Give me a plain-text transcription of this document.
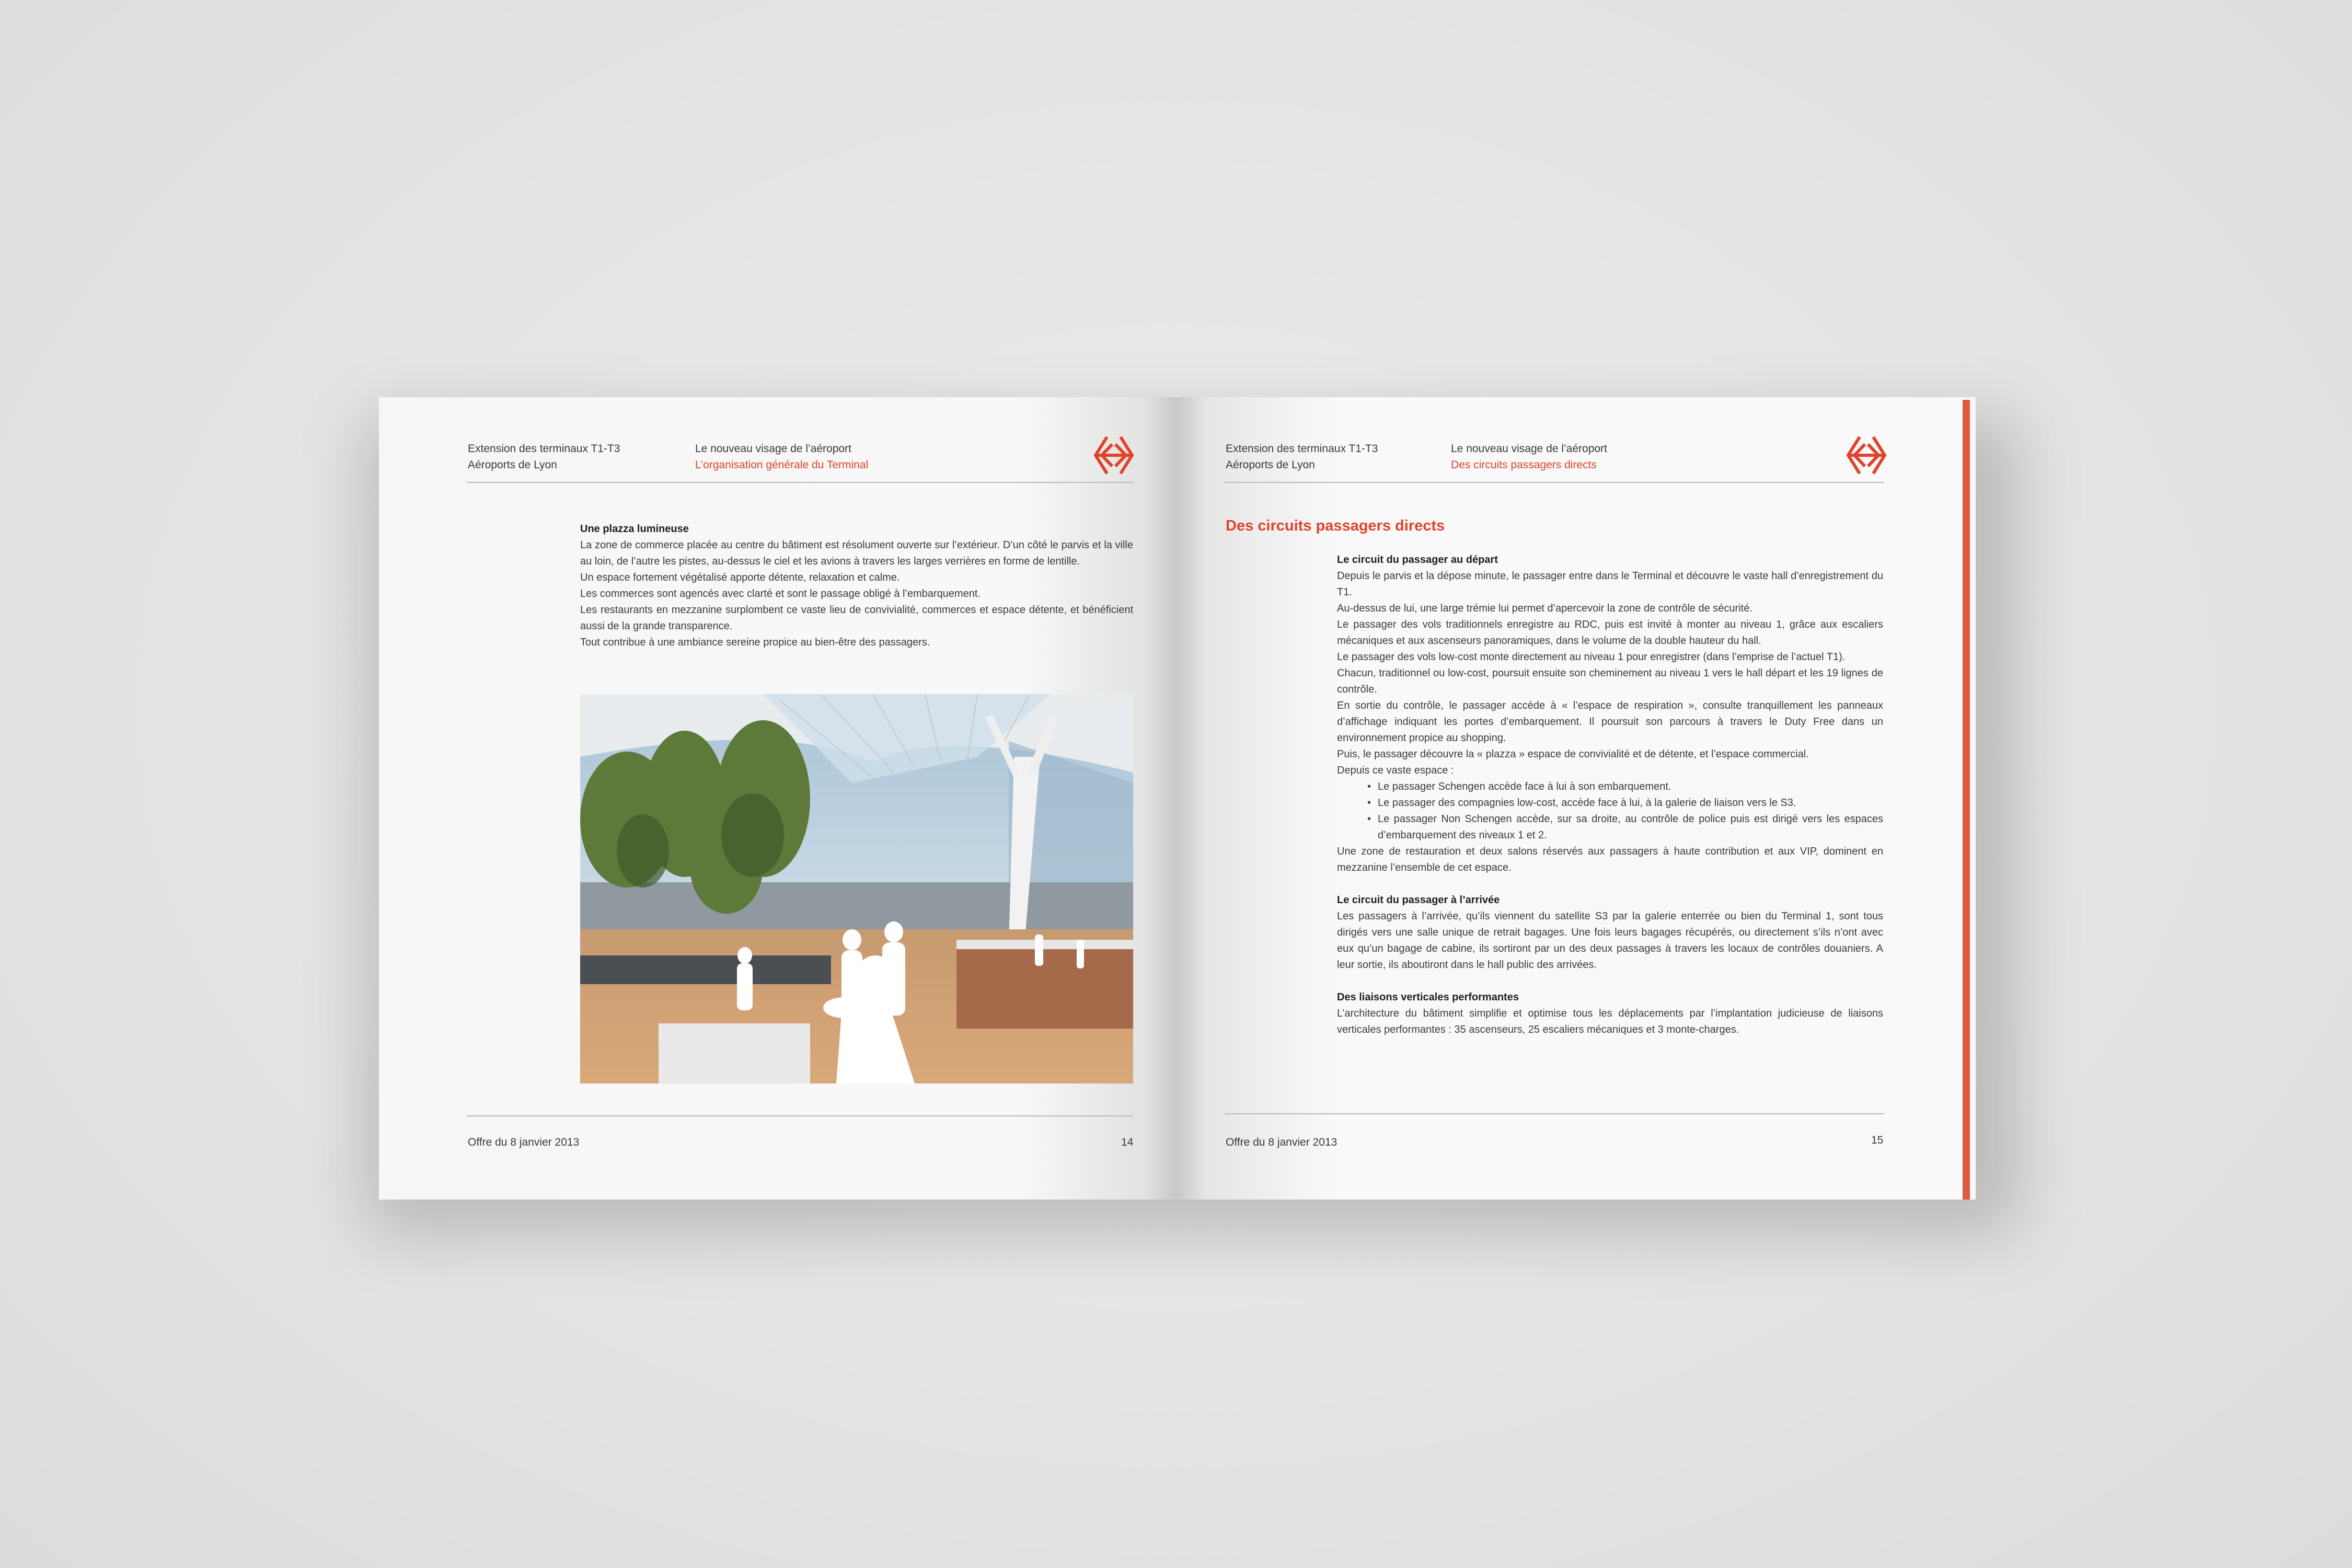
Extension des terminaux T1-T3
Aéroports de Lyon
Le nouveau visage de l’aéroport
L’organisation générale du Terminal
Une plazza lumineuse

La zone de commerce placée au centre du bâtiment est résolument ouverte sur l’extérieur. D’un côté le parvis et la ville au loin, de l’autre les pistes, au-dessus le ciel et les avions à travers les larges verrières en forme de lentille.

Un espace fortement végétalisé apporte détente, relaxation et calme.

Les commerces sont agencés avec clarté et sont le passage obligé à l’embarquement.

Les restaurants en mezzanine surplombent ce vaste lieu de convivialité, commerces et espace détente, et bénéficient aussi de la grande transparence.

Tout contribue à une ambiance sereine propice au bien-être des passagers.

Offre du 8 janvier 2013	14
Extension des terminaux T1-T3
Aéroports de Lyon
Le nouveau visage de l’aéroport
Des circuits passagers directs
Des circuits passagers directs
Le circuit du passager au départ

Depuis le parvis et la dépose minute, le passager entre dans le Terminal et découvre le vaste hall d’enregistrement du T1.

Au-dessus de lui, une large trémie lui permet d’apercevoir la zone de contrôle de sécurité.

Le passager des vols traditionnels enregistre au RDC, puis est invité à monter au niveau 1, grâce aux escaliers mécaniques et aux ascenseurs panoramiques, dans le volume de la double hauteur du hall.

Le passager des vols low-cost monte directement au niveau 1 pour enregistrer (dans l’emprise de l’actuel T1).

Chacun, traditionnel ou low-cost, poursuit ensuite son cheminement au niveau 1 vers le hall départ et les 19 lignes de contrôle.

En sortie du contrôle, le passager accède à « l’espace de respiration », consulte tranquillement les panneaux d’affichage indiquant les portes d’embarquement. Il poursuit son parcours à travers le Duty Free dans un environnement propice au shopping.

Puis, le passager découvre la « plazza » espace de convivialité et de détente, et l’espace commercial.

Depuis ce vaste espace :

• Le passager Schengen accède face à lui à son embarquement.
• Le passager des compagnies low-cost, accède face à lui, à la galerie de liaison vers le S3.
• Le passager Non Schengen accède, sur sa droite, au contrôle de police puis est dirigé vers les espaces d’embarquement des niveaux 1 et 2.

Une zone de restauration et deux salons réservés aux passagers à haute contribution et aux VIP, dominent en mezzanine l’ensemble de cet espace.

Le circuit du passager à l’arrivée

Les passagers à l’arrivée, qu’ils viennent du satellite S3 par la galerie enterrée ou bien du Terminal 1, sont tous dirigés vers une salle unique de retrait bagages. Une fois leurs bagages récupérés, ou directement s’ils n’ont avec eux qu’un bagage de cabine, ils sortiront par un des deux passages à travers les locaux de contrôles douaniers. A leur sortie, ils aboutiront dans le hall public des arrivées.

Des liaisons verticales performantes

L’architecture du bâtiment simplifie et optimise tous les déplacements par l’implantation judicieuse de liaisons verticales performantes : 35 ascenseurs, 25 escaliers mécaniques et 3 monte-charges.

Offre du 8 janvier 2013	15
